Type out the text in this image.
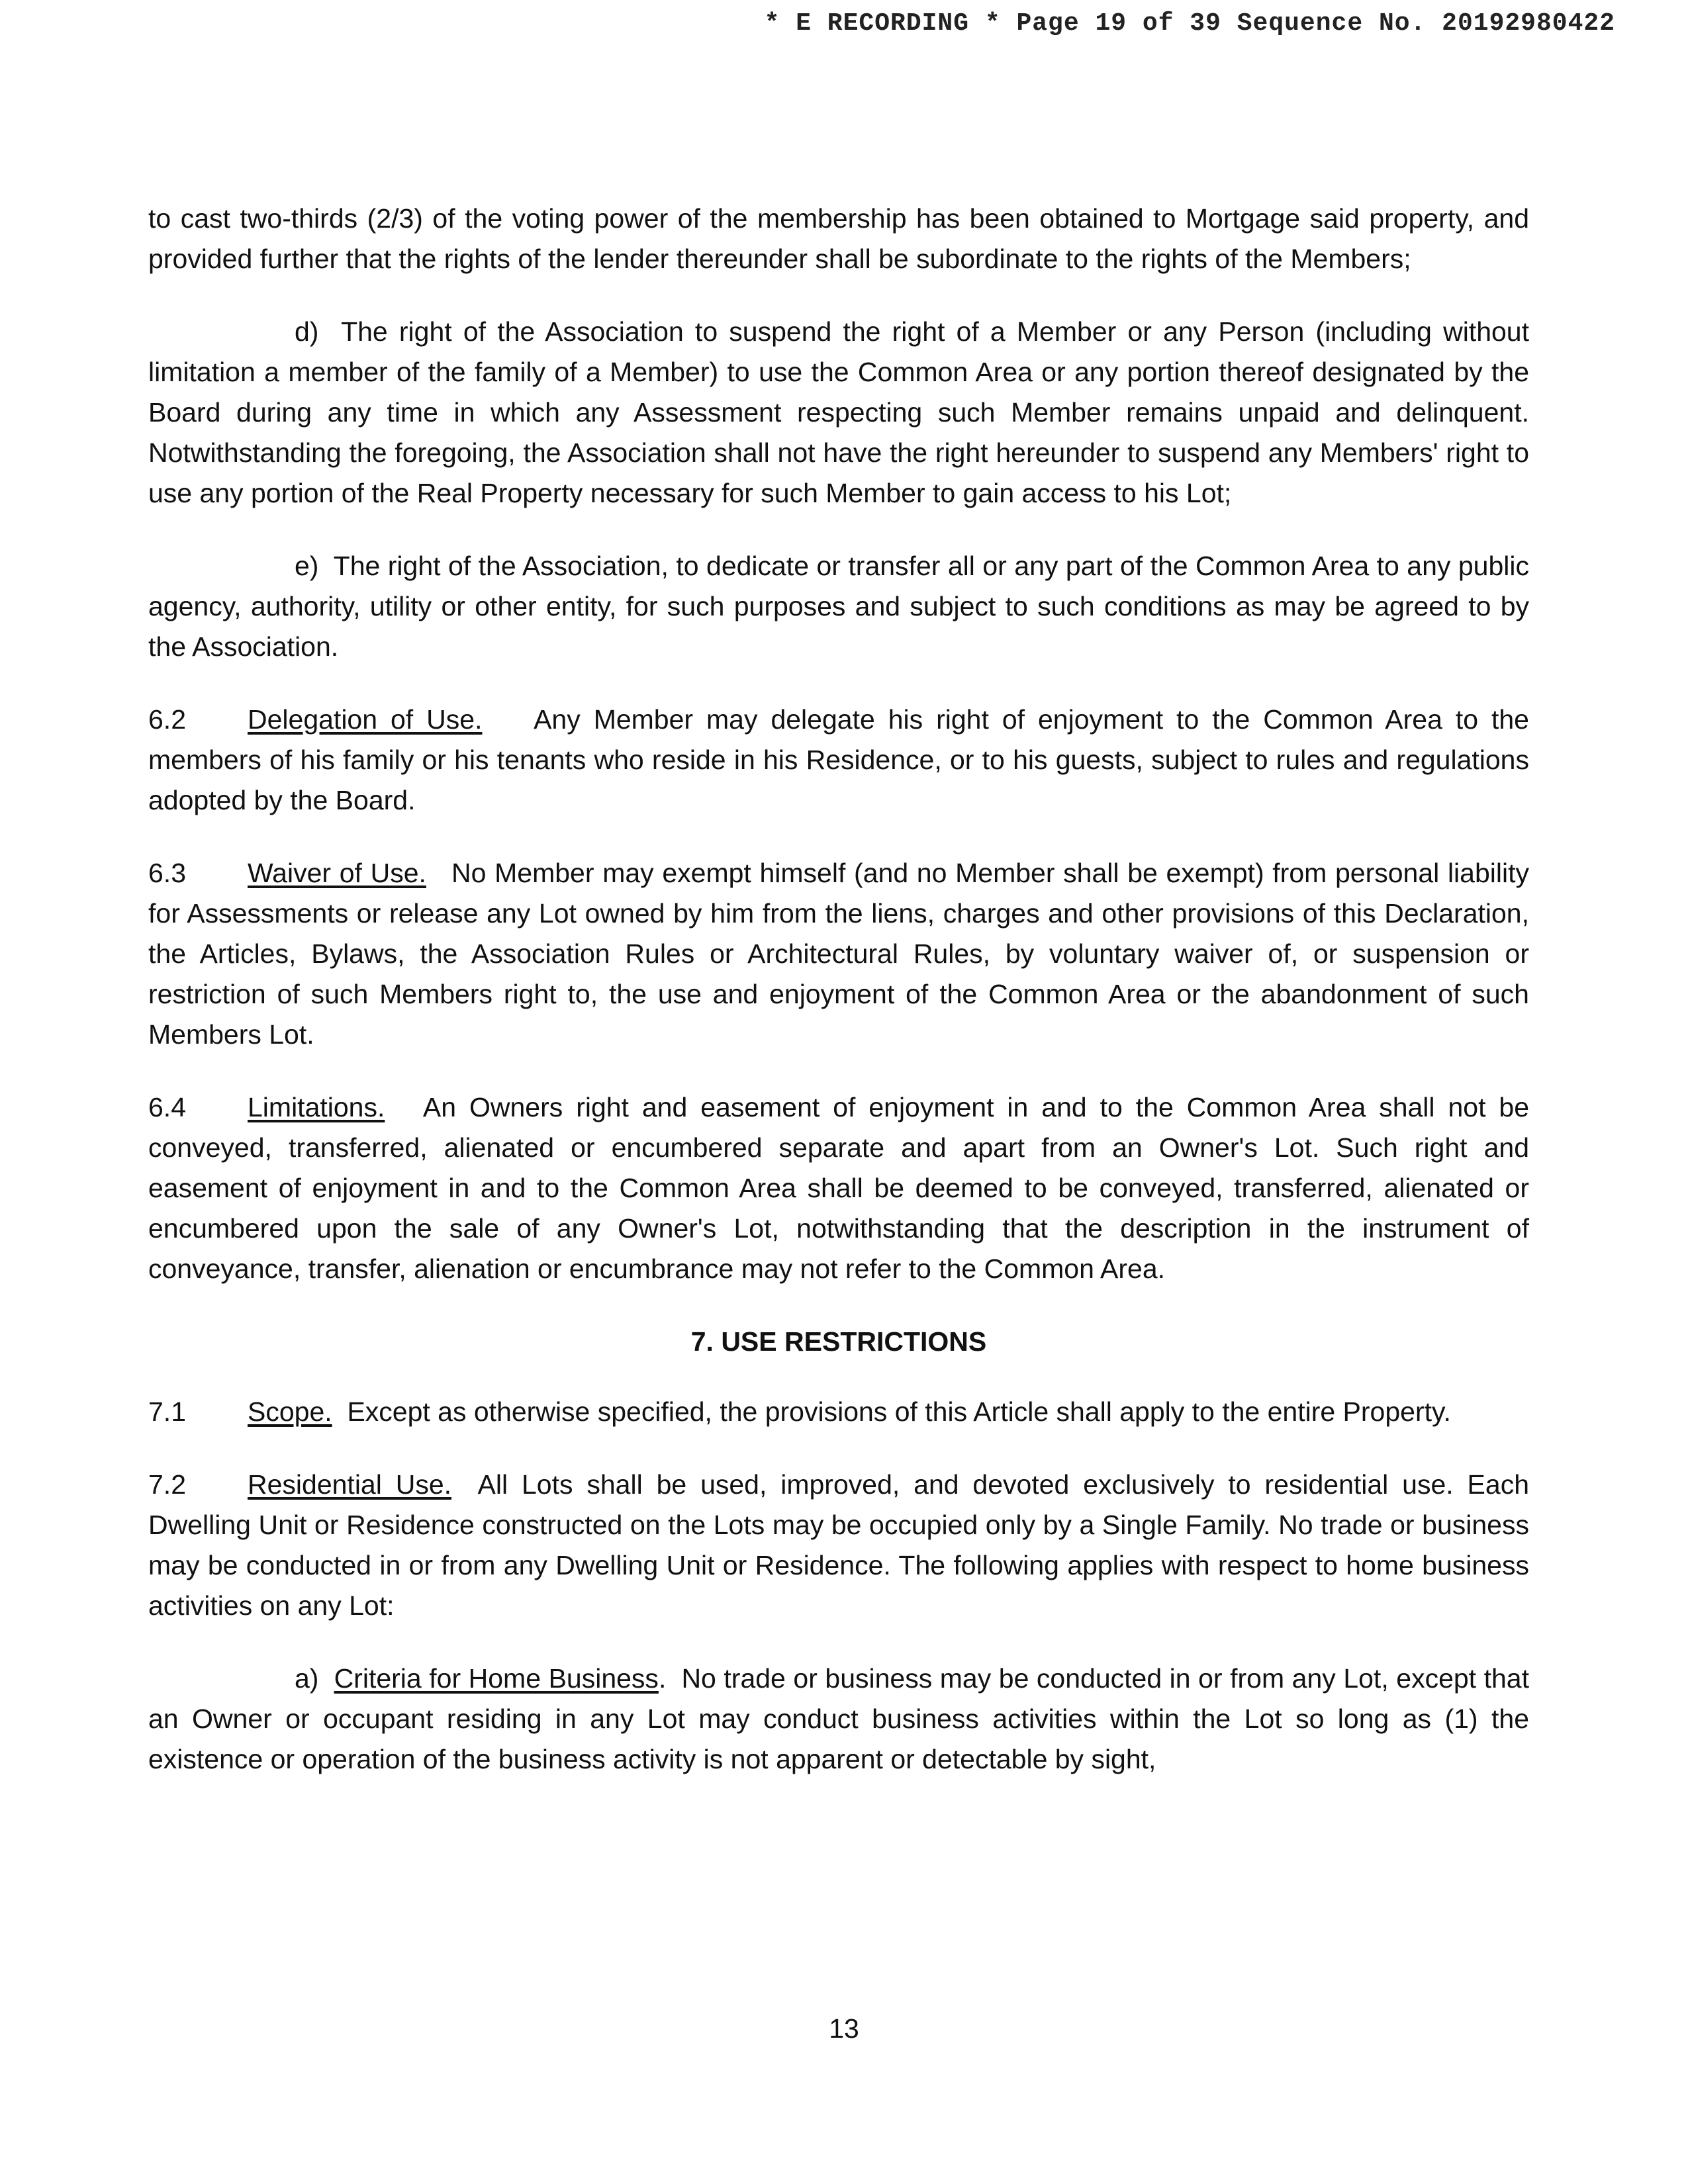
* E RECORDING * Page 19 of 39 Sequence No. 20192980422

to cast two-thirds (2/3) of the voting power of the membership has been obtained to Mortgage said property, and provided further that the rights of the lender thereunder shall be subordinate to the rights of the Members;

d) The right of the Association to suspend the right of a Member or any Person (including without limitation a member of the family of a Member) to use the Common Area or any portion thereof designated by the Board during any time in which any Assessment respecting such Member remains unpaid and delinquent. Notwithstanding the foregoing, the Association shall not have the right hereunder to suspend any Members' right to use any portion of the Real Property necessary for such Member to gain access to his Lot;

e) The right of the Association, to dedicate or transfer all or any part of the Common Area to any public agency, authority, utility or other entity, for such purposes and subject to such conditions as may be agreed to by the Association.

6.2 Delegation of Use. Any Member may delegate his right of enjoyment to the Common Area to the members of his family or his tenants who reside in his Residence, or to his guests, subject to rules and regulations adopted by the Board.

6.3 Waiver of Use. No Member may exempt himself (and no Member shall be exempt) from personal liability for Assessments or release any Lot owned by him from the liens, charges and other provisions of this Declaration, the Articles, Bylaws, the Association Rules or Architectural Rules, by voluntary waiver of, or suspension or restriction of such Members right to, the use and enjoyment of the Common Area or the abandonment of such Members Lot.

6.4 Limitations. An Owners right and easement of enjoyment in and to the Common Area shall not be conveyed, transferred, alienated or encumbered separate and apart from an Owner's Lot. Such right and easement of enjoyment in and to the Common Area shall be deemed to be conveyed, transferred, alienated or encumbered upon the sale of any Owner's Lot, notwithstanding that the description in the instrument of conveyance, transfer, alienation or encumbrance may not refer to the Common Area.

7. USE RESTRICTIONS

7.1 Scope. Except as otherwise specified, the provisions of this Article shall apply to the entire Property.

7.2 Residential Use. All Lots shall be used, improved, and devoted exclusively to residential use. Each Dwelling Unit or Residence constructed on the Lots may be occupied only by a Single Family. No trade or business may be conducted in or from any Dwelling Unit or Residence. The following applies with respect to home business activities on any Lot:

a) Criteria for Home Business.  No trade or business may be conducted in or from any Lot, except that an Owner or occupant residing in any Lot may conduct business activities within the Lot so long as (1) the existence or operation of the business activity is not apparent or detectable by sight,

13
